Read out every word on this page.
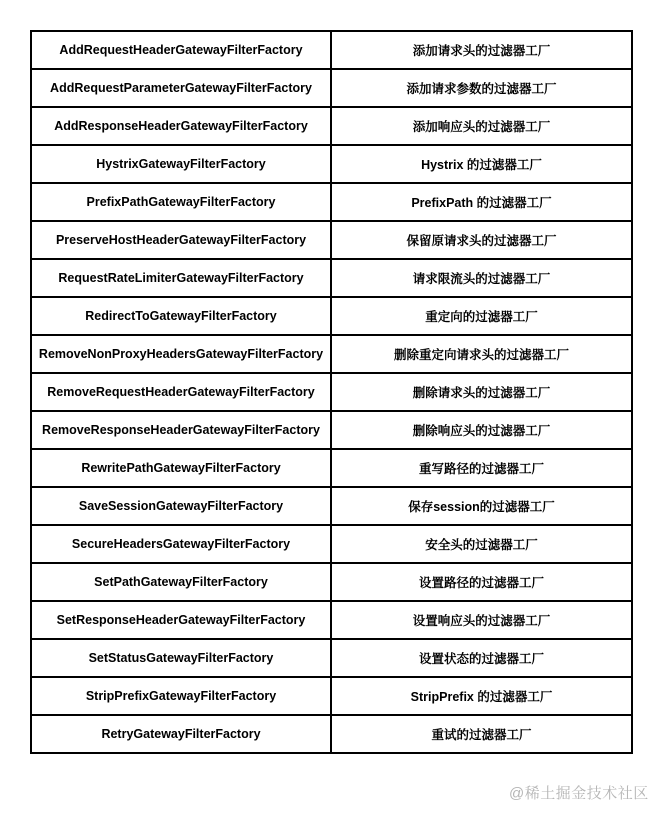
AddRequestHeaderGatewayFilterFactory	添加请求头的过滤器工厂
AddRequestParameterGatewayFilterFactory	添加请求参数的过滤器工厂
AddResponseHeaderGatewayFilterFactory	添加响应头的过滤器工厂
HystrixGatewayFilterFactory	Hystrix 的过滤器工厂
PrefixPathGatewayFilterFactory	PrefixPath 的过滤器工厂
PreserveHostHeaderGatewayFilterFactory	保留原请求头的过滤器工厂
RequestRateLimiterGatewayFilterFactory	请求限流头的过滤器工厂
RedirectToGatewayFilterFactory	重定向的过滤器工厂
RemoveNonProxyHeadersGatewayFilterFactory	删除重定向请求头的过滤器工厂
RemoveRequestHeaderGatewayFilterFactory	删除请求头的过滤器工厂
RemoveResponseHeaderGatewayFilterFactory	删除响应头的过滤器工厂
RewritePathGatewayFilterFactory	重写路径的过滤器工厂
SaveSessionGatewayFilterFactory	保存session的过滤器工厂
SecureHeadersGatewayFilterFactory	安全头的过滤器工厂
SetPathGatewayFilterFactory	设置路径的过滤器工厂
SetResponseHeaderGatewayFilterFactory	设置响应头的过滤器工厂
SetStatusGatewayFilterFactory	设置状态的过滤器工厂
StripPrefixGatewayFilterFactory	StripPrefix 的过滤器工厂
RetryGatewayFilterFactory	重试的过滤器工厂
@稀土掘金技术社区
